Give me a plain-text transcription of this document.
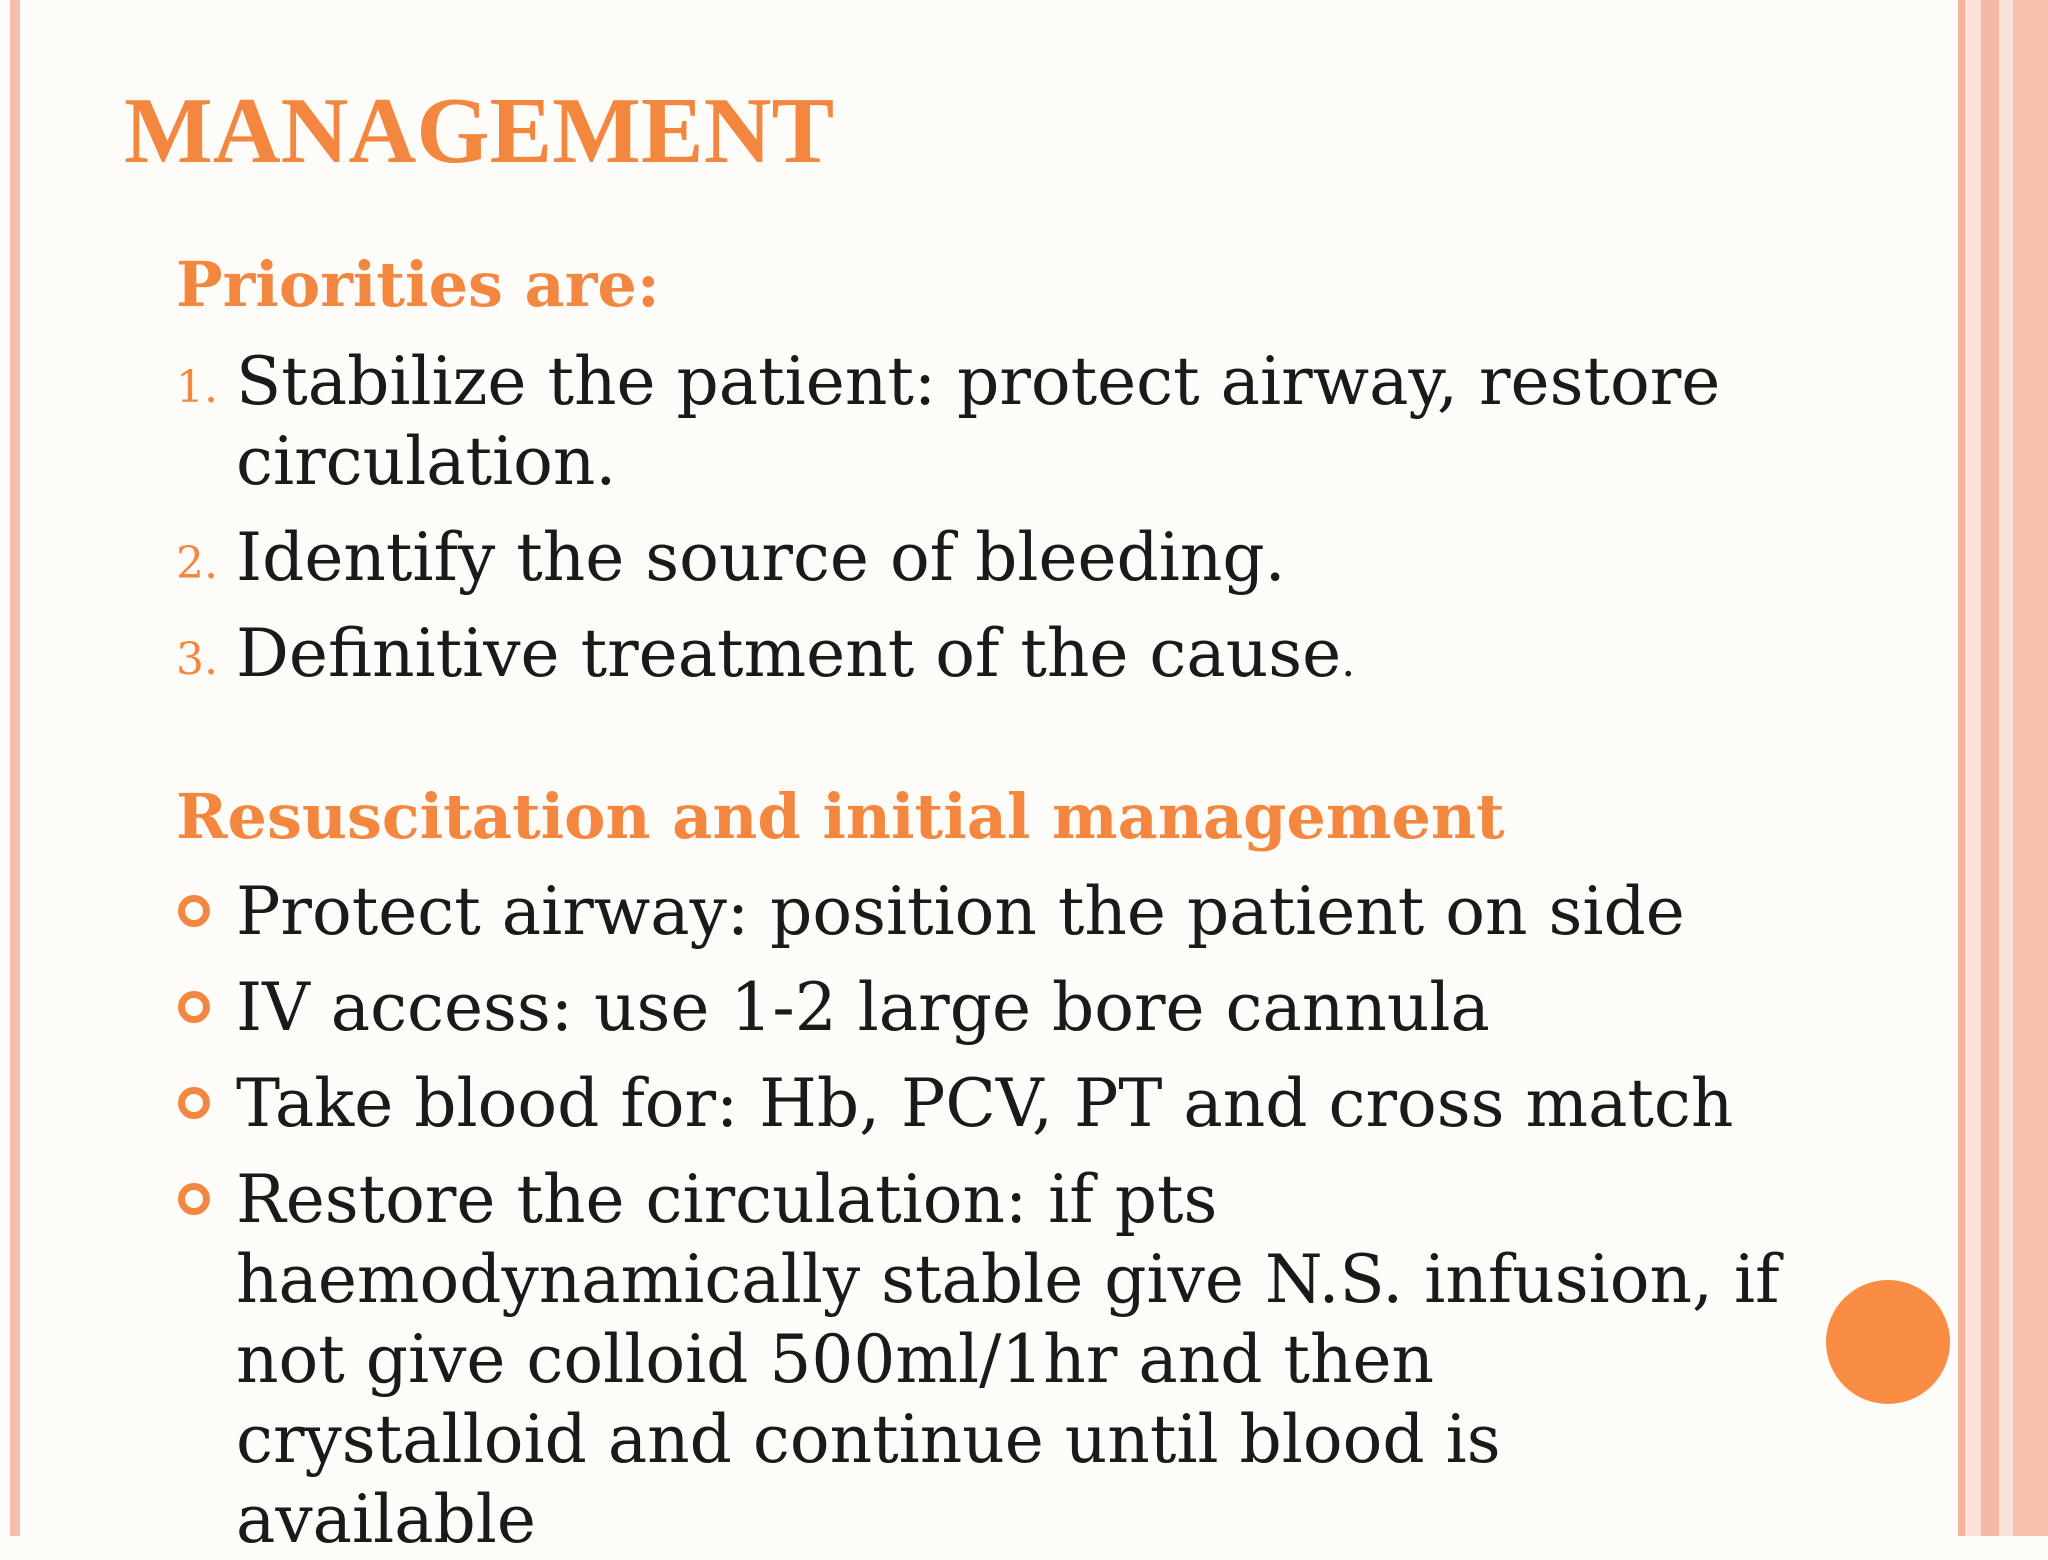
MANAGEMENT
Priorities are:
1. Stabilize the patient: protect airway, restore circulation.
2. Identify the source of bleeding.
3. Definitive treatment of the cause.
Resuscitation and initial management
Protect airway: position the patient on side
IV access: use 1-2 large bore cannula
Take blood for: Hb, PCV, PT and cross match
Restore the circulation: if pts haemodynamically stable give N.S. infusion, if not give colloid 500ml/1hr and then crystalloid and continue until blood is available
